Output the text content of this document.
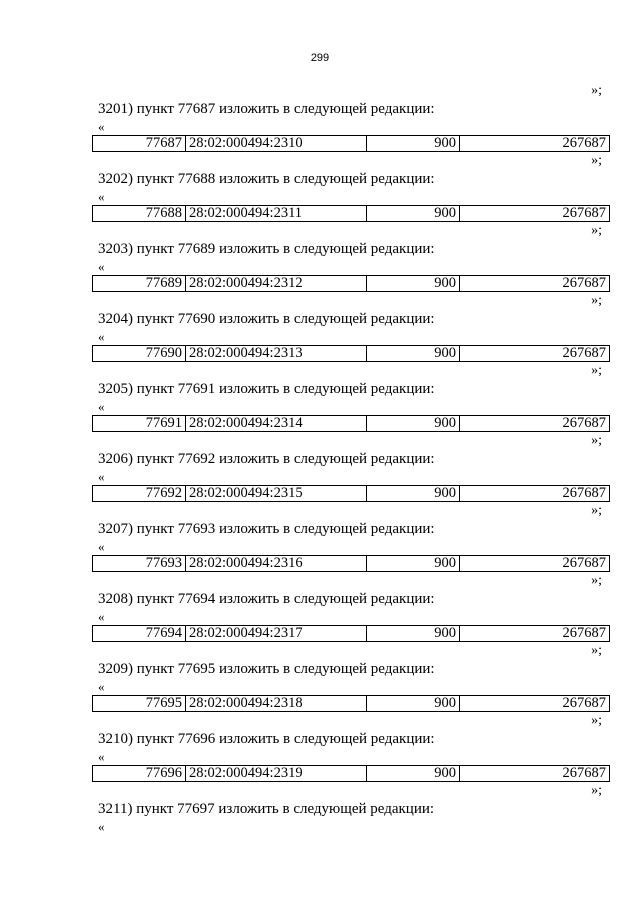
299
»;
3201) пункт 77687 изложить в следующей редакции:
«
77687	28:02:000494:2310	900	267687
»;
3202) пункт 77688 изложить в следующей редакции:
«
77688	28:02:000494:2311	900	267687
»;
3203) пункт 77689 изложить в следующей редакции:
«
77689	28:02:000494:2312	900	267687
»;
3204) пункт 77690 изложить в следующей редакции:
«
77690	28:02:000494:2313	900	267687
»;
3205) пункт 77691 изложить в следующей редакции:
«
77691	28:02:000494:2314	900	267687
»;
3206) пункт 77692 изложить в следующей редакции:
«
77692	28:02:000494:2315	900	267687
»;
3207) пункт 77693 изложить в следующей редакции:
«
77693	28:02:000494:2316	900	267687
»;
3208) пункт 77694 изложить в следующей редакции:
«
77694	28:02:000494:2317	900	267687
»;
3209) пункт 77695 изложить в следующей редакции:
«
77695	28:02:000494:2318	900	267687
»;
3210) пункт 77696 изложить в следующей редакции:
«
77696	28:02:000494:2319	900	267687
»;
3211) пункт 77697 изложить в следующей редакции:
«
